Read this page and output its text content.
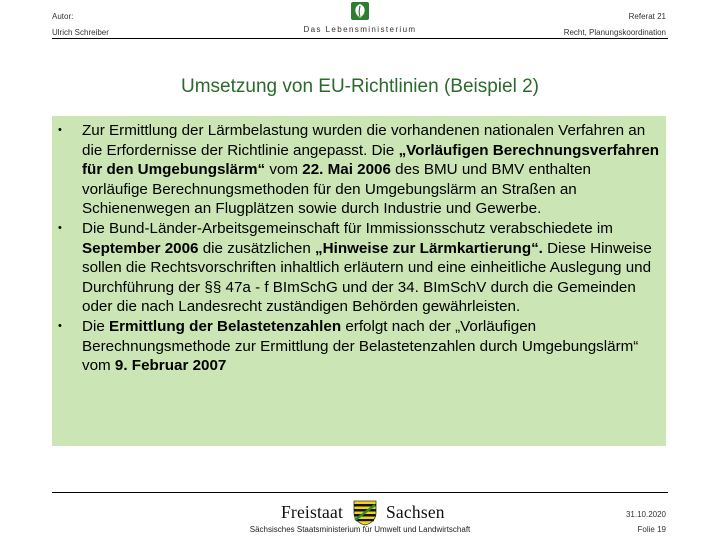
Autor:
Ulrich Schreiber	Das Lebensministerium
Referat 21
Recht, Planungskoordination
Umsetzung von EU-Richtlinien (Beispiel 2)
• Zur Ermittlung der Lärmbelastung wurden die vorhandenen nationalen Verfahren an die Erfordernisse der Richtlinie angepasst. Die „Vorläufigen Berechnungsverfahren für den Umgebungslärm“ vom 22. Mai 2006 des BMU und BMV enthalten vorläufige Berechnungsmethoden für den Umgebungslärm an Straßen an Schienenwegen an Flugplätzen sowie durch Industrie und Gewerbe.
• Die Bund-Länder-Arbeitsgemeinschaft für Immissionsschutz verabschiedete im September 2006 die zusätzlichen „Hinweise zur Lärmkartierung“. Diese Hinweise sollen die Rechtsvorschriften inhaltlich erläutern und eine einheitliche Auslegung und Durchführung der §§ 47a - f BImSchG und der 34. BImSchV durch die Gemeinden oder die nach Landesrecht zuständigen Behörden gewährleisten.
• Die Ermittlung der Belastetenzahlen erfolgt nach der „Vorläufigen Berechnungsmethode zur Ermittlung der Belastetenzahlen durch Umgebungslärm“ vom 9. Februar 2007
Freistaat Sachsen
Sächsisches Staatsministerium für Umwelt und Landwirtschaft
31.10.2020
Folie 19
